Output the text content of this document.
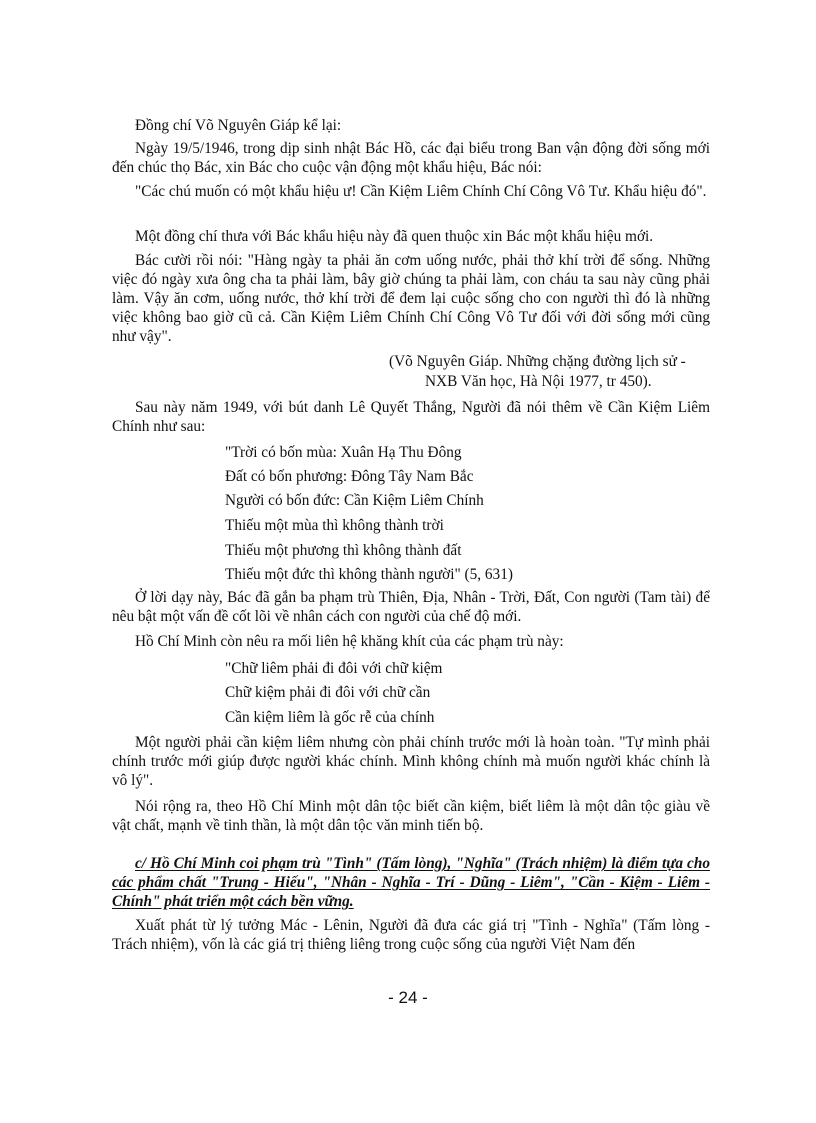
Đồng chí Võ Nguyên Giáp kể lại:

Ngày 19/5/1946, trong dịp sinh nhật Bác Hồ, các đại biểu trong Ban vận động đời sống mới đến chúc thọ Bác, xin Bác cho cuộc vận động một khẩu hiệu, Bác nói:

"Các chú muốn có một khẩu hiệu ư! Cần Kiệm Liêm Chính Chí Công Vô Tư. Khẩu hiệu đó".

Một đồng chí thưa với Bác khẩu hiệu này đã quen thuộc xin Bác một khẩu hiệu mới.

Bác cười rồi nói: "Hàng ngày ta phải ăn cơm uống nước, phải thở khí trời để sống. Những việc đó ngày xưa ông cha ta phải làm, bây giờ chúng ta phải làm, con cháu ta sau này cũng phải làm. Vậy ăn cơm, uống nước, thở khí trời để đem lại cuộc sống cho con người thì đó là những việc không bao giờ cũ cả. Cần Kiệm Liêm Chính Chí Công Vô Tư đối với đời sống mới cũng như vậy".

(Võ Nguyên Giáp. Những chặng đường lịch sử -

NXB Văn học, Hà Nội 1977, tr 450).

Sau này năm 1949, với bút danh Lê Quyết Thắng, Người đã nói thêm về Cần Kiệm Liêm Chính như sau:

"Trời có bốn mùa: Xuân Hạ Thu Đông

Đất có bốn phương: Đông Tây Nam Bắc

Người có bốn đức: Cần Kiệm Liêm Chính

Thiếu một mùa thì không thành trời

Thiếu một phương thì không thành đất

Thiếu một đức thì không thành người" (5, 631)

Ở lời dạy này, Bác đã gắn ba phạm trù Thiên, Địa, Nhân - Trời, Đất, Con người (Tam tài) để nêu bật một vấn đề cốt lõi về nhân cách con người của chế độ mới.

Hồ Chí Minh còn nêu ra mối liên hệ khăng khít của các phạm trù này:

"Chữ liêm phải đi đôi với chữ kiệm

Chữ kiệm phải đi đôi với chữ cần

Cần kiệm liêm là gốc rễ của chính

Một người phải cần kiệm liêm nhưng còn phải chính trước mới là hoàn toàn. "Tự mình phải chính trước mới giúp được người khác chính. Mình không chính mà muốn người khác chính là vô lý".

Nói rộng ra, theo Hồ Chí Minh một dân tộc biết cần kiệm, biết liêm là một dân tộc giàu về vật chất, mạnh về tinh thần, là một dân tộc văn minh tiến bộ.

c/ Hồ Chí Minh coi phạm trù "Tình" (Tấm lòng), "Nghĩa" (Trách nhiệm) là điểm tựa cho các phẩm chất "Trung - Hiếu", "Nhân - Nghĩa - Trí - Dũng - Liêm", "Cần - Kiệm - Liêm - Chính" phát triển một cách bền vững.

Xuất phát từ lý tưởng Mác - Lênin, Người đã đưa các giá trị "Tình - Nghĩa" (Tấm lòng - Trách nhiệm), vốn là các giá trị thiêng liêng trong cuộc sống của người Việt Nam đến

- 24 -
